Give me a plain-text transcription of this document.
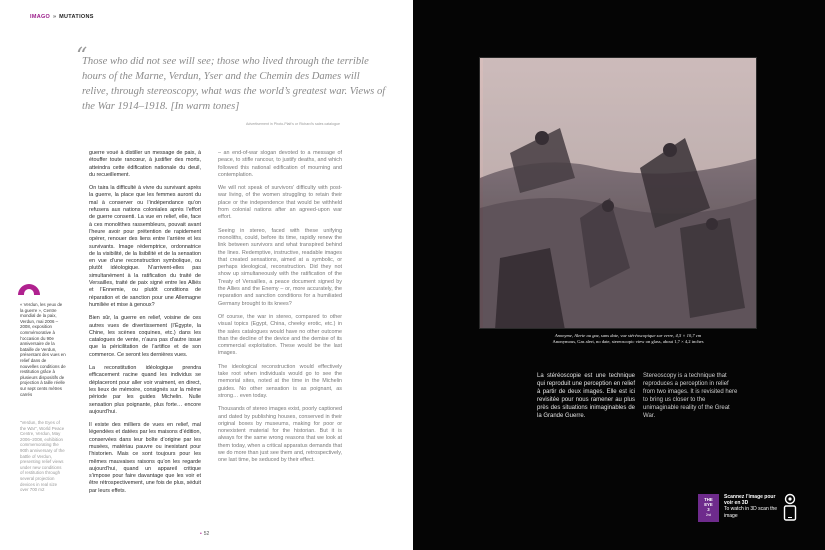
IMAGO » MUTATIONS
“
Those who did not see will see; those who lived through the terrible hours of the Marne, Verdun, Yser and the Chemin des Dames will relive, through stereoscopy, what was the world’s greatest war. Views of the War 1914–1918. [In warm tones]
Advertisement in Photo-Plait’s or Richard’s sales catalogue
« Verdun, les yeux de la guerre », Centre mondial de la paix, Verdun, mai 2006 – 2008, exposition commémorative à l’occasion du 90e anniversaire de la bataille de Verdun, présentant des vues en relief dans de nouvelles conditions de restitution grâce à plusieurs dispositifs de projection à taille réelle sur sept cents mètres carrés
“Verdun, the Eyes of the War”, World Peace Centre, Verdun, May 2006–2008, exhibition commemorating the 90th anniversary of the battle of Verdun, presenting relief views under new conditions of restitution through several projection devices in real size over 700 m2

guerre voué à distiller un message de paix, à étouffer toute rancœur, à justifier des morts, atteindra cette édification nationale du deuil, du recueillement.

On taira la difficulté à vivre du survivant après la guerre, la place que les femmes auront du mal à conserver ou l’indépendance qu’on refusera aux nations coloniales après l’effort de guerre consenti. La vue en relief, elle, face à ces monolithes rassembleurs, pouvait avant l’heure avoir pour prétention de rapidement opérer, renouer des liens entre l’arrière et les survivants. Image rédemptrice, ordonnatrice de la visibilité, de la lisibilité et de la sensation en vue d’une reconstruction symbolique, ou plutôt idéologique. N’arrivent-elles pas simultanément à la ratification du traité de Versailles, traité de paix signé entre les Alliés et l’Ennemie, ou plutôt conditions de réparation et de sanction pour une Allemagne humiliée et mise à genoux?

Bien sûr, la guerre en relief, voisine de ces autres vues de divertissement (l’Égypte, la Chine, les scènes coquines, etc.) dans les catalogues de vente, n’aura pas d’autre issue que la péricilitation de l’artifice et de son commerce. Ce seront les dernières vues.

La reconstitution idéologique prendra efficacement racine quand les individus se déplaceront pour aller voir vraiment, en direct, les lieux de mémoire, consignés sur la même période par les guides Michelin. Nulle sensation plus poignante, plus forte… encore aujourd’hui.

Il existe des milliers de vues en relief, mal légendées et datées par les maisons d’édition, conservées dans leur boîte d’origine par les musées, matériau pauvre ou inexistant pour l’historien. Mais ce sont toujours pour les mêmes mauvaises raisons qu’on les regarde aujourd’hui, quand un appareil critique s’impose pour faire davantage que les voir et être rétrospectivement, une fois de plus, séduit par leurs effets.

– an end-of-war slogan devoted to a message of peace, to stifle rancour, to justify deaths, and which followed this national edification of mourning and contemplation.

We will not speak of survivors’ difficulty with post-war living, of the women struggling to retain their place or the independence that would be withheld from colonial nations after an agreed-upon war effort.

Seeing in stereo, faced with these unifying monoliths, could, before its time, rapidly renew the link between survivors and what transpired behind the lines. Redemptive, instructive, readable images that created sensations, aimed at a symbolic, or perhaps ideological, reconstruction. Did they not show up simultaneously with the ratification of the Treaty of Versailles, a peace document signed by the Allies and the Enemy – or, more accurately, the reparation and sanction conditions for a humiliated Germany brought to its knees?

Of course, the war in stereo, compared to other visual topics (Egypt, China, cheeky erotic, etc.) in the sales catalogues would have no other outcome than the decline of the device and the demise of its commercial exploitation. These would be the last images.

The ideological reconstruction would effectively take root when individuals would go to see the memorial sites, noted at the time in the Michelin guides. No other sensation is as poignant, as strong… even today.

Thousands of stereo images exist, poorly captioned and dated by publishing houses, conserved in their original boxes by museums, making for poor or nonexistent material for the historian. But it is always for the same wrong reasons that we look at them today, when a critical apparatus demands that we do more than just see them and, retrospectively, one last time, be seduced by their effect.

• 52
Anonyme, Alerte au gaz, sans date, vue stéréoscopique sur verre, 4,5 × 10,7 cm
Anonymous, Gas alert, no date, stereoscopic view on glass, about 1,7 × 4,2 inches
La stéréoscopie est une technique qui reproduit une perception en relief à partir de deux images. Elle est ici revisitée pour nous ramener au plus près des situations inimaginables de la Grande Guerre.
Stereoscopy is a technique that reproduces a perception in relief from two images. It is revisited here to bring us closer to the unimaginable reality of the Great War.
THE
EYE
3
2nd
Scannez l’image pour voir en 3D
To watch in 3D scan the image
